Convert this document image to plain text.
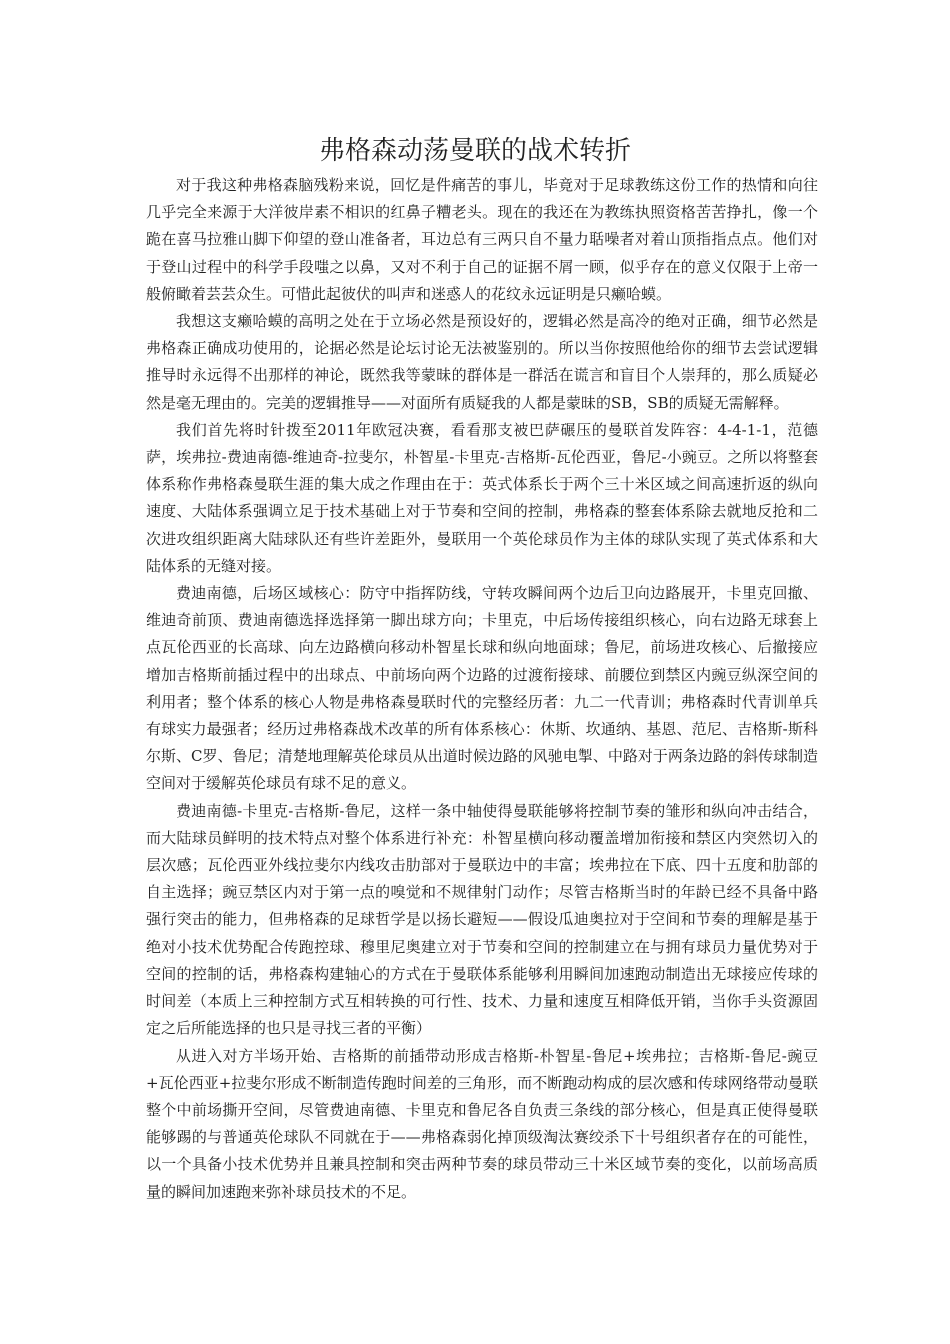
弗格森动荡曼联的战术转折

对于我这种弗格森脑残粉来说，回忆是件痛苦的事儿，毕竟对于足球教练这份工作的热情和向往几乎完全来源于大洋彼岸素不相识的红鼻子糟老头。现在的我还在为教练执照资格苦苦挣扎，像一个跪在喜马拉雅山脚下仰望的登山准备者，耳边总有三两只自不量力聒噪者对着山顶指指点点。他们对于登山过程中的科学手段嗤之以鼻，又对不利于自己的证据不屑一顾，似乎存在的意义仅限于上帝一般俯瞰着芸芸众生。可惜此起彼伏的叫声和迷惑人的花纹永远证明是只癞哈蟆。

我想这支癞哈蟆的高明之处在于立场必然是预设好的，逻辑必然是高冷的绝对正确，细节必然是弗格森正确成功使用的，论据必然是论坛讨论无法被鉴别的。所以当你按照他给你的细节去尝试逻辑推导时永远得不出那样的神论，既然我等蒙昧的群体是一群活在谎言和盲目个人崇拜的，那么质疑必然是毫无理由的。完美的逻辑推导——对面所有质疑我的人都是蒙昧的SB，SB的质疑无需解释。

我们首先将时针拨至2011年欧冠决赛，看看那支被巴萨碾压的曼联首发阵容：4-4-1-1，范德萨，埃弗拉-费迪南德-维迪奇-拉斐尔，朴智星-卡里克-吉格斯-瓦伦西亚，鲁尼-小豌豆。之所以将整套体系称作弗格森曼联生涯的集大成之作理由在于：英式体系长于两个三十米区域之间高速折返的纵向速度、大陆体系强调立足于技术基础上对于节奏和空间的控制，弗格森的整套体系除去就地反抢和二次进攻组织距离大陆球队还有些许差距外，曼联用一个英伦球员作为主体的球队实现了英式体系和大陆体系的无缝对接。

费迪南德，后场区域核心：防守中指挥防线，守转攻瞬间两个边后卫向边路展开，卡里克回撤、维迪奇前顶、费迪南德选择选择第一脚出球方向；卡里克，中后场传接组织核心，向右边路无球套上点瓦伦西亚的长高球、向左边路横向移动朴智星长球和纵向地面球；鲁尼，前场进攻核心、后撤接应增加吉格斯前插过程中的出球点、中前场向两个边路的过渡衔接球、前腰位到禁区内豌豆纵深空间的利用者；整个体系的核心人物是弗格森曼联时代的完整经历者：九二一代青训；弗格森时代青训单兵有球实力最强者；经历过弗格森战术改革的所有体系核心：休斯、坎通纳、基恩、范尼、吉格斯-斯科尔斯、C罗、鲁尼；清楚地理解英伦球员从出道时候边路的风驰电掣、中路对于两条边路的斜传球制造空间对于缓解英伦球员有球不足的意义。

费迪南德-卡里克-吉格斯-鲁尼，这样一条中轴使得曼联能够将控制节奏的雏形和纵向冲击结合，而大陆球员鲜明的技术特点对整个体系进行补充：朴智星横向移动覆盖增加衔接和禁区内突然切入的层次感；瓦伦西亚外线拉斐尔内线攻击肋部对于曼联边中的丰富；埃弗拉在下底、四十五度和肋部的自主选择；豌豆禁区内对于第一点的嗅觉和不规律射门动作；尽管吉格斯当时的年龄已经不具备中路强行突击的能力，但弗格森的足球哲学是以扬长避短——假设瓜迪奥拉对于空间和节奏的理解是基于绝对小技术优势配合传跑控球、穆里尼奥建立对于节奏和空间的控制建立在与拥有球员力量优势对于空间的控制的话，弗格森构建轴心的方式在于曼联体系能够利用瞬间加速跑动制造出无球接应传球的时间差（本质上三种控制方式互相转换的可行性、技术、力量和速度互相降低开销，当你手头资源固定之后所能选择的也只是寻找三者的平衡）

从进入对方半场开始、吉格斯的前插带动形成吉格斯-朴智星-鲁尼+埃弗拉；吉格斯-鲁尼-豌豆+瓦伦西亚+拉斐尔形成不断制造传跑时间差的三角形，而不断跑动构成的层次感和传球网络带动曼联整个中前场撕开空间，尽管费迪南德、卡里克和鲁尼各自负责三条线的部分核心，但是真正使得曼联能够踢的与普通英伦球队不同就在于——弗格森弱化掉顶级淘汰赛绞杀下十号组织者存在的可能性，以一个具备小技术优势并且兼具控制和突击两种节奏的球员带动三十米区域节奏的变化，以前场高质量的瞬间加速跑来弥补球员技术的不足。
